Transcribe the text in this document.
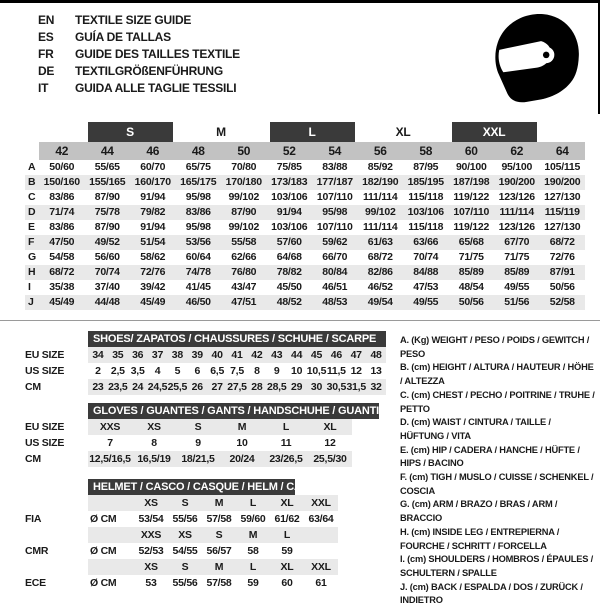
EN	TEXTILE SIZE GUIDE
ES	GUÍA DE TALLAS
FR	GUIDE DES TAILLES TEXTILE
DE	TEXTILGRÖßENFÜHRUNG
IT	GUIDA ALLE TAGLIE TESSILI
S	M	L	XL	XXL
42	44	46	48	50	52	54	56	58	60	62	64
A	50/60	55/65	60/70	65/75	70/80	75/85	83/88	85/92	87/95	90/100	95/100	105/115
B 150/160 155/165 160/170 165/175 170/180 173/183 177/187 182/190 185/195 187/198 190/200 190/200
C	83/86	87/90	91/94	95/98	99/102	103/106 107/110 111/114	115/118 119/122 123/126 127/130
D	71/74	75/78	79/82	83/86	87/90	91/94	95/98	99/102	103/106 107/110 111/114	115/119
E	83/86	87/90	91/94	95/98	99/102	103/106 107/110 111/114	115/118 119/122 123/126 127/130
F	47/50	49/52	51/54	53/56	55/58	57/60	59/62	61/63	63/66	65/68	67/70	68/72
G	54/58	56/60	58/62	60/64	62/66	64/68	66/70	68/72	70/74	71/75	71/75	72/76
H	68/72	70/74	72/76	74/78	76/80	78/82	80/84	82/86	84/88	85/89	85/89	87/91
I	35/38	37/40	39/42	41/45	43/47	45/50	46/51	46/52	47/53	48/54	49/55	50/56
J	45/49	44/48	45/49	46/50	47/51	48/52	48/53	49/54	49/55	50/56	51/56	52/58
SHOES/ ZAPATOS / CHAUSSURES / SCHUHE / SCARPE
EU SIZE	34 35 36 37 38 39 40 41 42 43 44 45 46 47 48
US SIZE	2 2,5 3,5 4	5	6 6,5 7,5 8	9	10 10,5 11,5 12 13
CM	23 23,5 24 24,5 25,5 26 27 27,5 28 28,5 29 30 30,5 31,5 32
GLOVES / GUANTES / GANTS / HANDSCHUHE / GUANTI
EU SIZE	XXS	XS	S	M	L	XL
US SIZE	7	8	9	10	11	12
CM	12,5/16,5 16,5/19	18/21,5	20/24	23/26,5	25,5/30
HELMET / CASCO / CASQUE / HELM / CASCO
XS	S	M	L	XL	XXL
FIA	Ø CM	53/54 55/56 57/58 59/60 61/62 63/64
XXS	XS	S	M	L
CMR	Ø CM	52/53 54/55 56/57	58	59
XS	S	M	L	XL	XXL
ECE	Ø CM	53	55/56 57/58	59	60	61
A. (Kg) WEIGHT / PESO / POIDS / GEWITCH / PESO
B. (cm) HEIGHT / ALTURA / HAUTEUR / HÖHE / ALTEZZA
C. (cm) CHEST / PECHO / POITRINE / TRUHE / PETTO
D. (cm) WAIST / CINTURA / TAILLE / HÜFTUNG / VITA
E. (cm) HIP / CADERA / HANCHE / HÜFTE / HIPS / BACINO
F. (cm) TIGH / MUSLO / CUISSE / SCHENKEL / COSCIA
G. (cm) ARM / BRAZO / BRAS / ARM / BRACCIO
H. (cm) INSIDE LEG / ENTREPIERNA / FOURCHE / SCHRITT / FORCELLA
I. (cm) SHOULDERS / HOMBROS / ÉPAULES / SCHULTERN / SPALLE
J. (cm) BACK / ESPALDA / DOS / ZURÜCK / INDIETRO
